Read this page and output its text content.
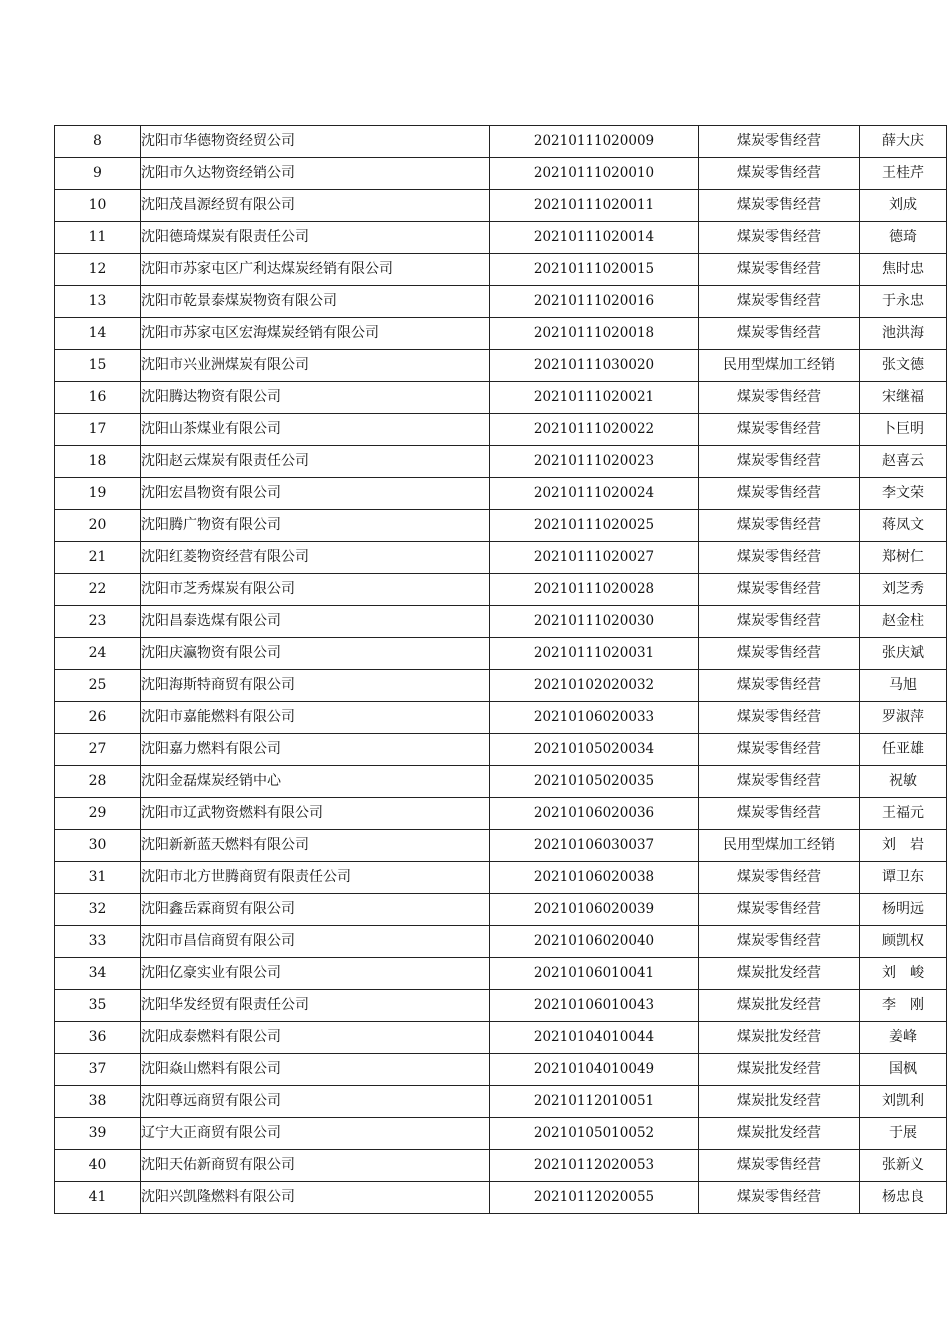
8	沈阳市华德物资经贸公司	20210111020009	煤炭零售经营	薛大庆
9	沈阳市久达物资经销公司	20210111020010	煤炭零售经营	王桂芹
10	沈阳茂昌源经贸有限公司	20210111020011	煤炭零售经营	刘成
11	沈阳德琦煤炭有限责任公司	20210111020014	煤炭零售经营	德琦
12	沈阳市苏家屯区广利达煤炭经销有限公司	20210111020015	煤炭零售经营	焦时忠
13	沈阳市乾景泰煤炭物资有限公司	20210111020016	煤炭零售经营	于永忠
14	沈阳市苏家屯区宏海煤炭经销有限公司	20210111020018	煤炭零售经营	池洪海
15	沈阳市兴业洲煤炭有限公司	20210111030020	民用型煤加工经销	张文德
16	沈阳腾达物资有限公司	20210111020021	煤炭零售经营	宋继福
17	沈阳山茶煤业有限公司	20210111020022	煤炭零售经营	卜巨明
18	沈阳赵云煤炭有限责任公司	20210111020023	煤炭零售经营	赵喜云
19	沈阳宏昌物资有限公司	20210111020024	煤炭零售经营	李文荣
20	沈阳腾广物资有限公司	20210111020025	煤炭零售经营	蒋凤文
21	沈阳红菱物资经营有限公司	20210111020027	煤炭零售经营	郑树仁
22	沈阳市芝秀煤炭有限公司	20210111020028	煤炭零售经营	刘芝秀
23	沈阳昌泰选煤有限公司	20210111020030	煤炭零售经营	赵金柱
24	沈阳庆瀛物资有限公司	20210111020031	煤炭零售经营	张庆斌
25	沈阳海斯特商贸有限公司	20210102020032	煤炭零售经营	马旭
26	沈阳市嘉能燃料有限公司	20210106020033	煤炭零售经营	罗淑萍
27	沈阳嘉力燃料有限公司	20210105020034	煤炭零售经营	任亚雄
28	沈阳金磊煤炭经销中心	20210105020035	煤炭零售经营	祝敏
29	沈阳市辽武物资燃料有限公司	20210106020036	煤炭零售经营	王福元
30	沈阳新新蓝天燃料有限公司	20210106030037	民用型煤加工经销	刘　岩
31	沈阳市北方世腾商贸有限责任公司	20210106020038	煤炭零售经营	谭卫东
32	沈阳鑫岳霖商贸有限公司	20210106020039	煤炭零售经营	杨明远
33	沈阳市昌信商贸有限公司	20210106020040	煤炭零售经营	顾凯权
34	沈阳亿豪实业有限公司	20210106010041	煤炭批发经营	刘　峻
35	沈阳华发经贸有限责任公司	20210106010043	煤炭批发经营	李　刚
36	沈阳成泰燃料有限公司	20210104010044	煤炭批发经营	姜峰
37	沈阳焱山燃料有限公司	20210104010049	煤炭批发经营	国枫
38	沈阳尊远商贸有限公司	20210112010051	煤炭批发经营	刘凯利
39	辽宁大正商贸有限公司	20210105010052	煤炭批发经营	于展
40	沈阳天佑新商贸有限公司	20210112020053	煤炭零售经营	张新义
41	沈阳兴凯隆燃料有限公司	20210112020055	煤炭零售经营	杨忠良
